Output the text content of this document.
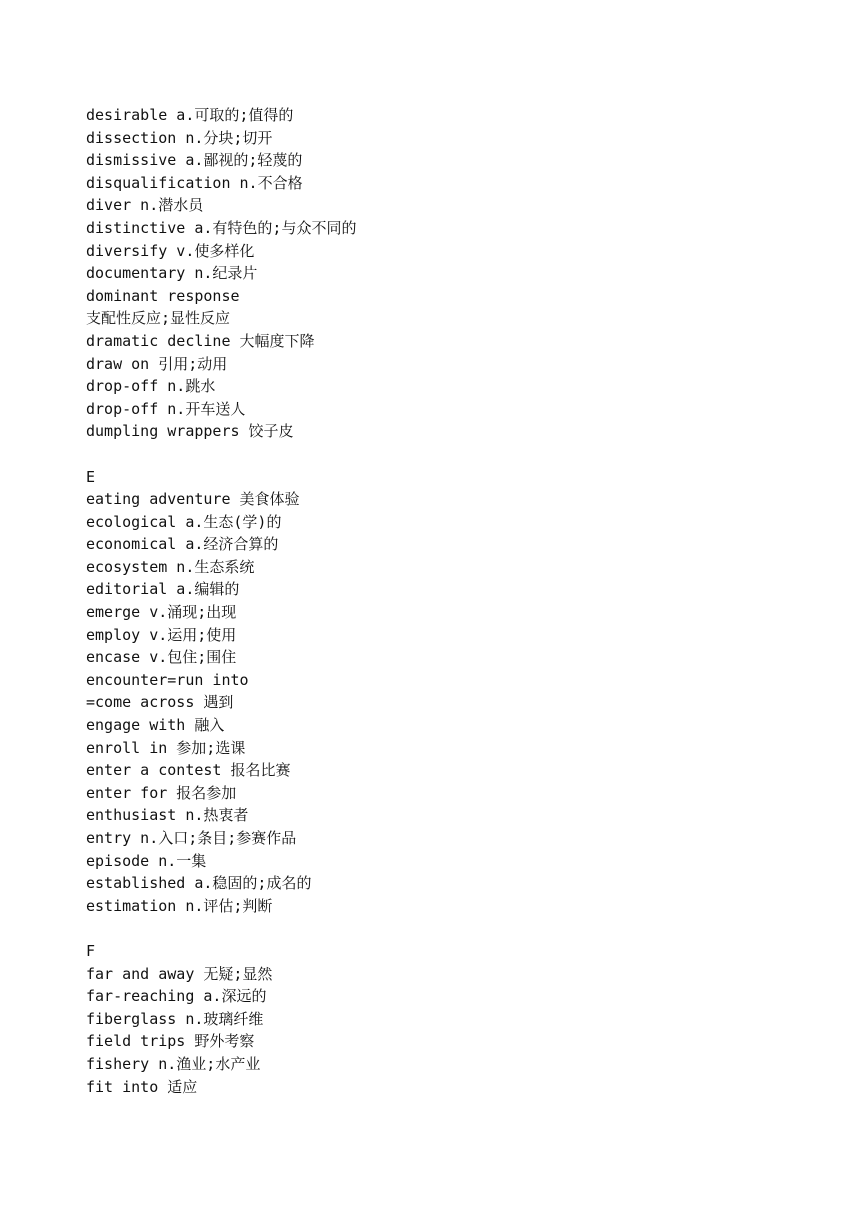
desirable a.可取的;值得的
dissection n.分块;切开
dismissive a.鄙视的;轻蔑的
disqualification n.不合格
diver n.潜水员
distinctive a.有特色的;与众不同的
diversify v.使多样化
documentary n.纪录片
dominant response
支配性反应;显性反应
dramatic decline 大幅度下降
draw on 引用;动用
drop-off n.跳水
drop-off n.开车送人
dumpling wrappers 饺子皮
E
eating adventure 美食体验
ecological a.生态(学)的
economical a.经济合算的
ecosystem n.生态系统
editorial a.编辑的
emerge v.涌现;出现
employ v.运用;使用
encase v.包住;围住
encounter=run into
=come across 遇到
engage with 融入
enroll in 参加;选课
enter a contest 报名比赛
enter for 报名参加
enthusiast n.热衷者
entry n.入口;条目;参赛作品
episode n.一集
established a.稳固的;成名的
estimation n.评估;判断
F
far and away 无疑;显然
far-reaching a.深远的
fiberglass n.玻璃纤维
field trips 野外考察
fishery n.渔业;水产业
fit into 适应
